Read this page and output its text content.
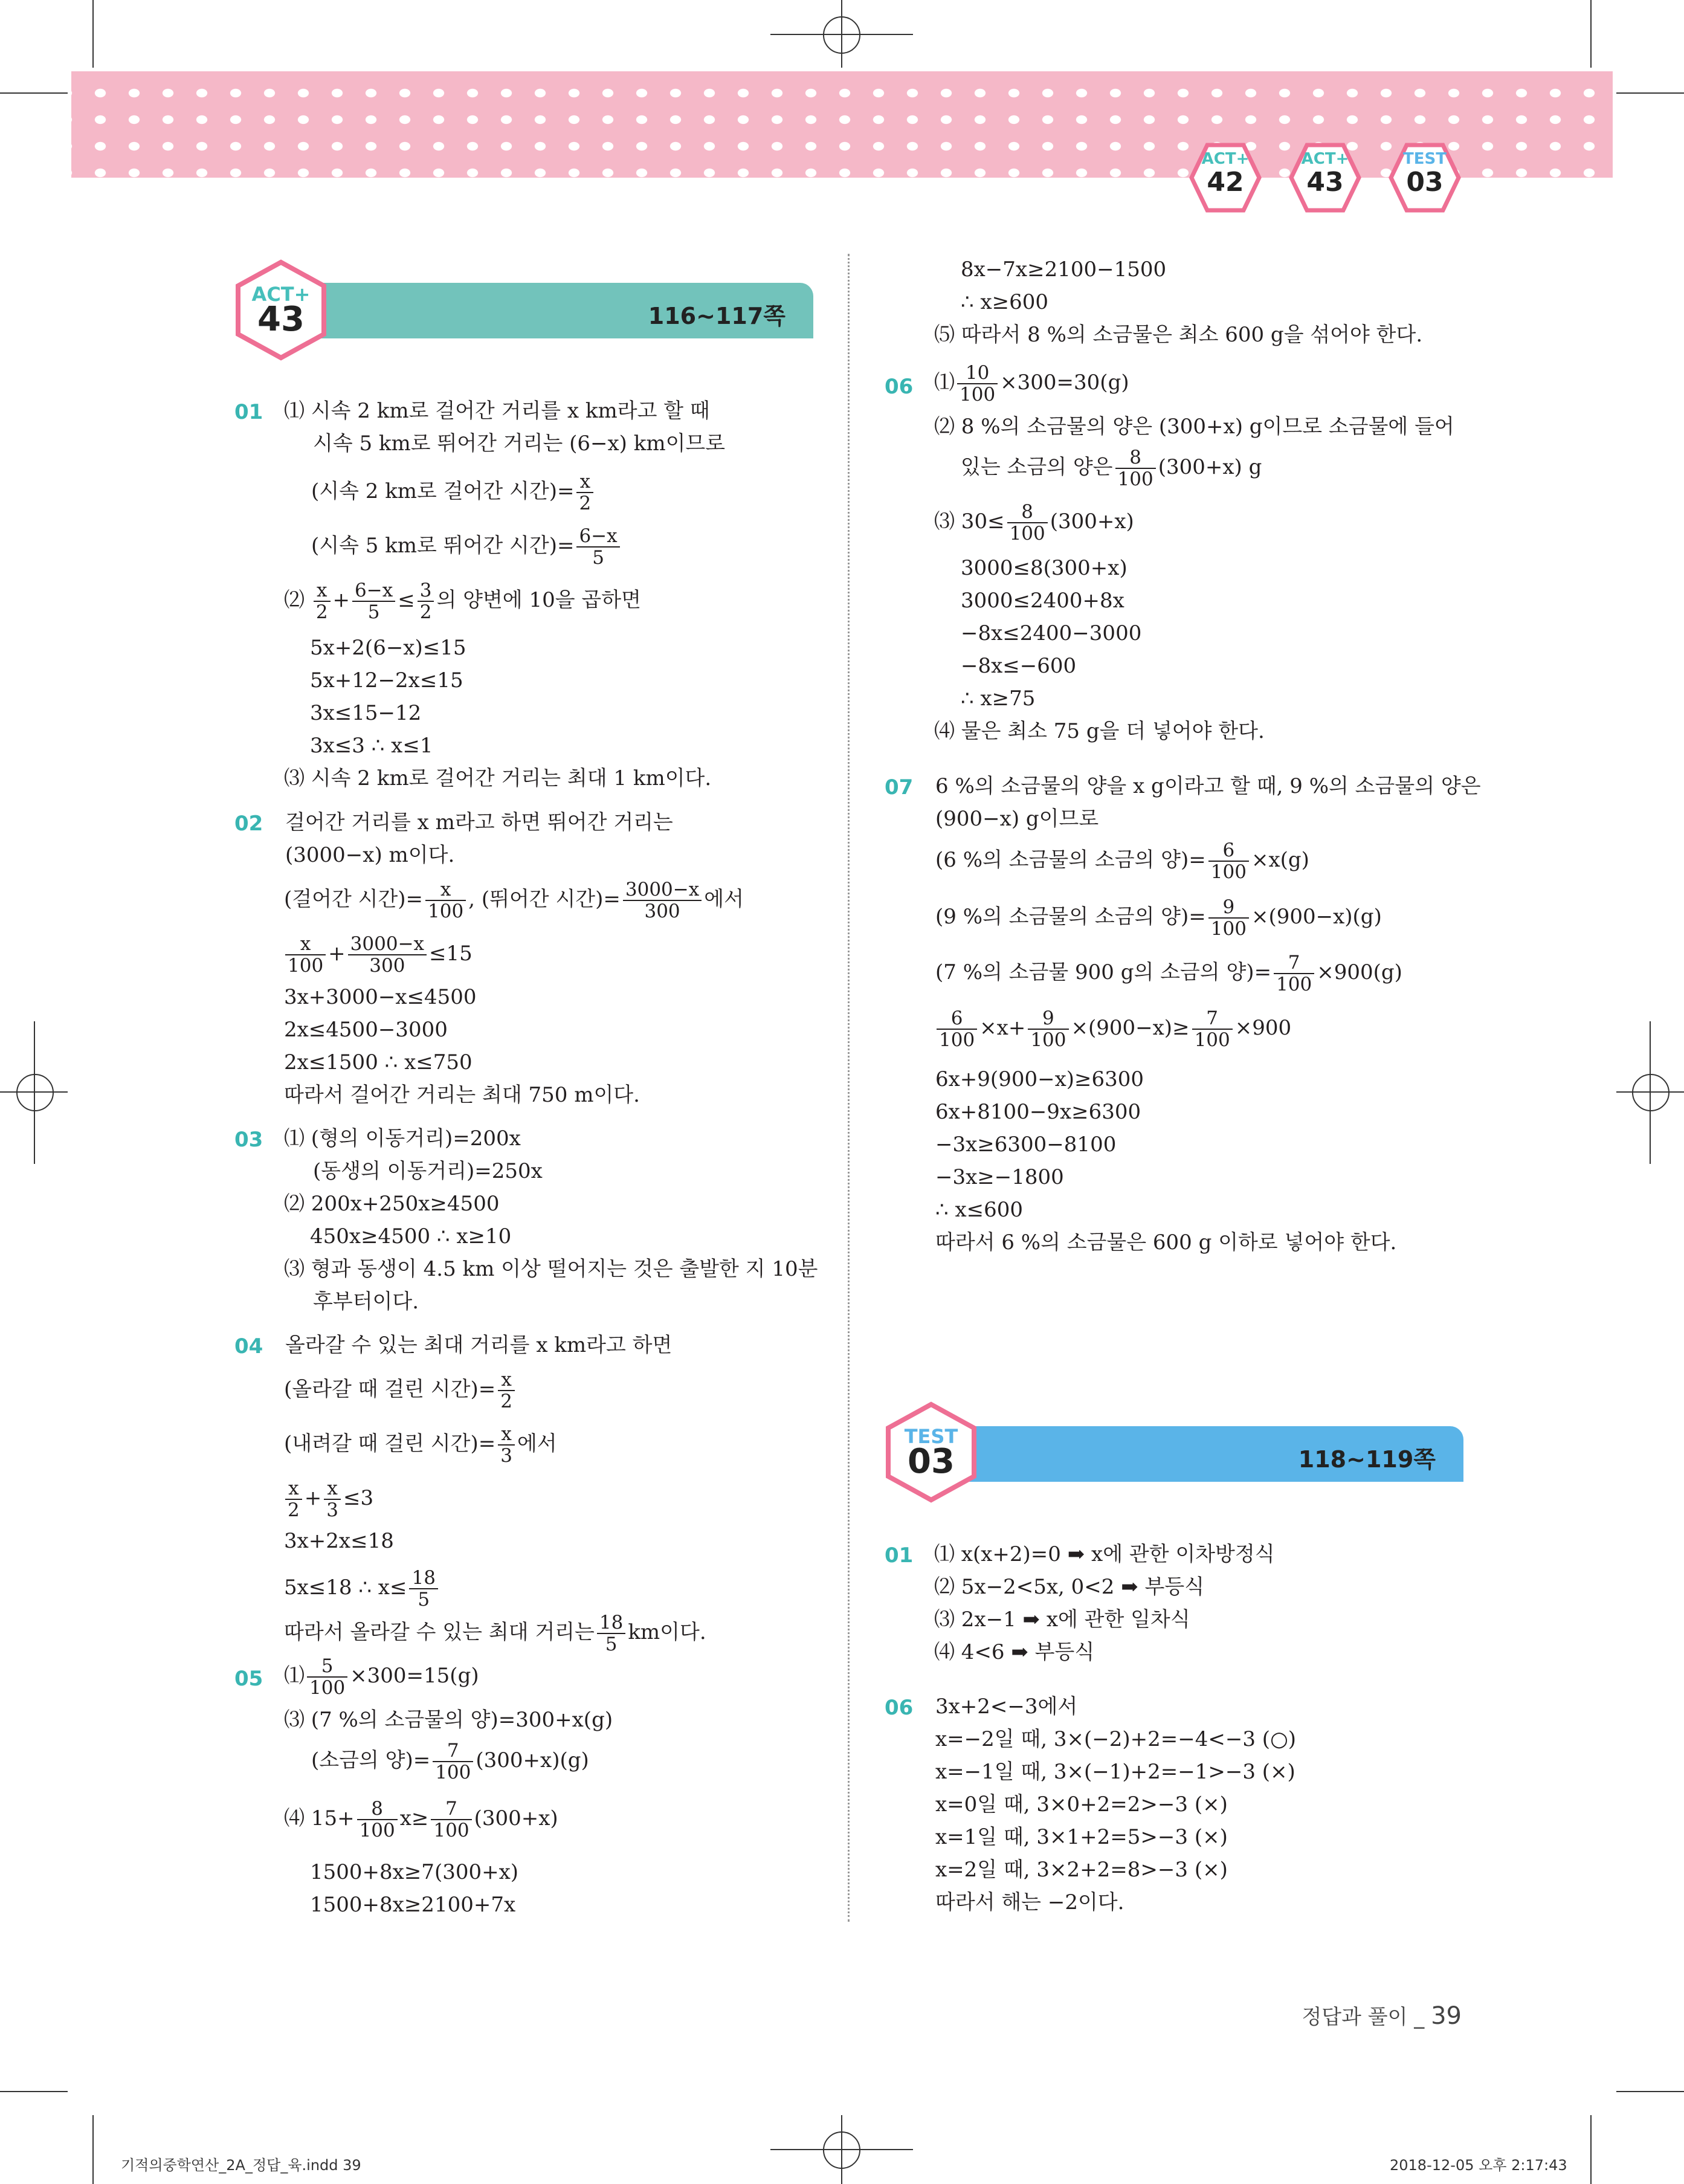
ACT+
42
ACT+
43
TEST
03
116~117쪽
ACT+
43
118~119쪽
TEST
03
01 ⑴ 시속 2 km로 걸어간 거리를 x km라고 할 때
시속 5 km로 뛰어간 거리는 (6−x) km이므로
(시속 2 km로 걸어간 시간)= $\frac{x}{2}$
(시속 5 km로 뛰어간 시간)= $\frac{6-x}{5}$
⑵ $\frac{x}{2} + \frac{6-x}{5} \le \frac{3}{2}$ 의 양변에 10을 곱하면
5x+2(6−x)≤15
5x+12−2x≤15
3x≤15−12
3x≤3 ∴ x≤1
⑶ 시속 2 km로 걸어간 거리는 최대 1 km이다.
02 걸어간 거리를 x m라고 하면 뛰어간 거리는
(3000−x) m이다.
(걸어간 시간)= $\frac{x}{100}$ , (뛰어간 시간)= $\frac{3000-x}{300}$ 에서
$\frac{x}{100} + \frac{3000-x}{300} \le 15$
3x+3000−x≤4500
2x≤4500−3000
2x≤1500 ∴ x≤750
따라서 걸어간 거리는 최대 750 m이다.
03 ⑴ (형의 이동거리)=200x
(동생의 이동거리)=250x
⑵ 200x+250x≥4500
450x≥4500 ∴ x≥10
⑶ 형과 동생이 4.5 km 이상 떨어지는 것은 출발한 지 10분
후부터이다.
04 올라갈 수 있는 최대 거리를 x km라고 하면
(올라갈 때 걸린 시간)= $\frac{x}{2}$
(내려갈 때 걸린 시간)= $\frac{x}{3}$ 에서
$\frac{x}{2} + \frac{x}{3} \le 3$
3x+2x≤18
5x≤18 ∴ $x\le \frac{18}{5}$
따라서 올라갈 수 있는 최대 거리는 $\frac{18}{5}$ km이다.
05 ⑴ $\frac{5}{100} \times 300=15(g)$
⑶ (7 %의 소금물의 양)=300+x(g)
(소금의 양)= $\frac{7}{100} (300+x)(g)$
⑷ $15+ \frac{8}{100} x\ge \frac{7}{100} (300+x)$
1500+8x≥7(300+x)
1500+8x≥2100+7x
8x−7x≥2100−1500
∴ x≥600
⑸ 따라서 8 %의 소금물은 최소 600 g을 섞어야 한다.
06 ⑴ $\frac{10}{100} \times 300=30(g)$
⑵ 8 %의 소금물의 양은 (300+x) g이므로 소금물에 들어
있는 소금의 양은 $\frac{8}{100} (300+x)$ g
⑶ $30\le \frac{8}{100} (300+x)$
3000≤8(300+x)
3000≤2400+8x
−8x≤2400−3000
−8x≤−600
∴ x≥75
⑷ 물은 최소 75 g을 더 넣어야 한다.
07 6 %의 소금물의 양을 x g이라고 할 때, 9 %의 소금물의 양은
(900−x) g이므로
(6 %의 소금물의 소금의 양)= $\frac{6}{100} \times x(g)$
(9 %의 소금물의 소금의 양)= $\frac{9}{100} \times(900-x)(g)$
(7 %의 소금물 900 g의 소금의 양)= $\frac{7}{100} \times 900(g)$
$\frac{6}{100} \times x+ \frac{9}{100} \times(900-x)\ge \frac{7}{100} \times 900$
6x+9(900−x)≥6300
6x+8100−9x≥6300
−3x≥6300−8100
−3x≥−1800
∴ x≤600
따라서 6 %의 소금물은 600 g 이하로 넣어야 한다.
01 ⑴ x(x+2)=0 ➡ x에 관한 이차방정식
⑵ 5x−2<5x, 0<2 ➡ 부등식
⑶ 2x−1 ➡ x에 관한 일차식
⑷ 4<6 ➡ 부등식
06 3x+2<−3에서
x=−2일 때, 3×(−2)+2=−4<−3 (○)
x=−1일 때, 3×(−1)+2=−1>−3 (×)
x=0일 때, 3×0+2=2>−3 (×)
x=1일 때, 3×1+2=5>−3 (×)
x=2일 때, 3×2+2=8>−3 (×)
따라서 해는 −2이다.
정답과 풀이 _ 39
기적의중학연산_2A_정답_육.indd 39	2018-12-05 오후 2:17:43
